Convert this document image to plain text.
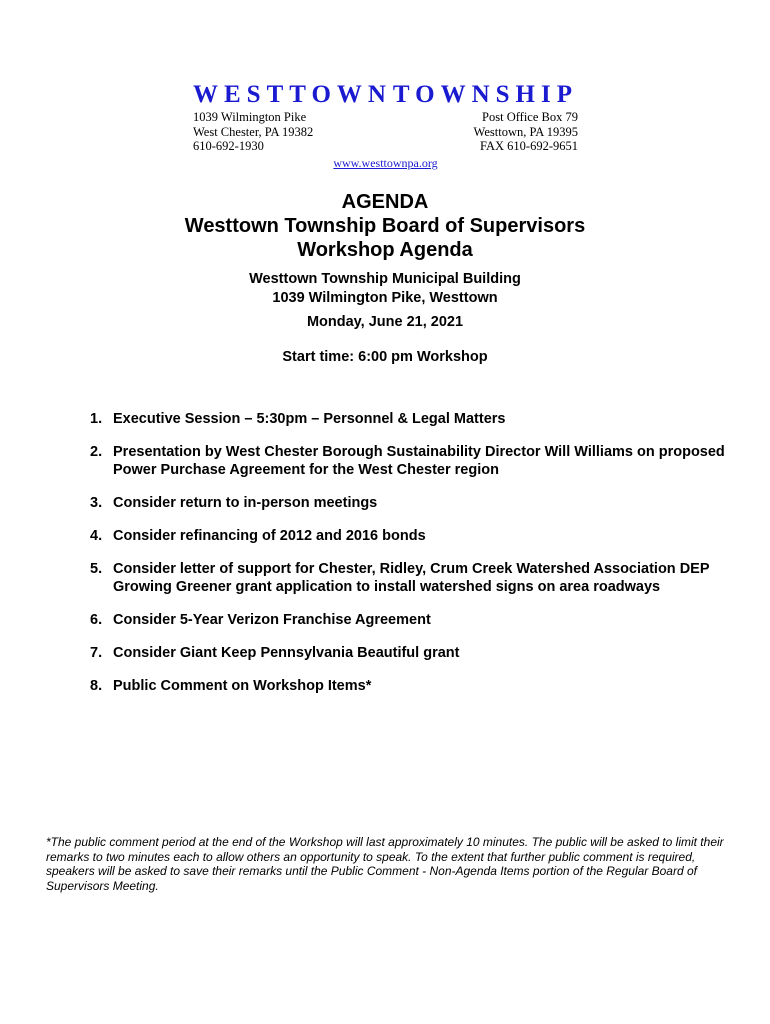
WESTTOWN TOWNSHIP
1039 Wilmington Pike
West Chester, PA 19382
610-692-1930
Post Office Box 79
Westtown, PA 19395
FAX 610-692-9651
www.westtownpa.org
AGENDA
Westtown Township Board of Supervisors
Workshop Agenda
Westtown Township Municipal Building
1039 Wilmington Pike, Westtown
Monday, June 21, 2021
Start time: 6:00 pm Workshop
1. Executive Session – 5:30pm – Personnel & Legal Matters
2. Presentation by West Chester Borough Sustainability Director Will Williams on proposed Power Purchase Agreement for the West Chester region
3. Consider return to in-person meetings
4. Consider refinancing of 2012 and 2016 bonds
5. Consider letter of support for Chester, Ridley, Crum Creek Watershed Association DEP Growing Greener grant application to install watershed signs on area roadways
6. Consider 5-Year Verizon Franchise Agreement
7. Consider Giant Keep Pennsylvania Beautiful grant
8. Public Comment on Workshop Items*
*The public comment period at the end of the Workshop will last approximately 10 minutes. The public will be asked to limit their remarks to two minutes each to allow others an opportunity to speak. To the extent that further public comment is required, speakers will be asked to save their remarks until the Public Comment - Non-Agenda Items portion of the Regular Board of Supervisors Meeting.
